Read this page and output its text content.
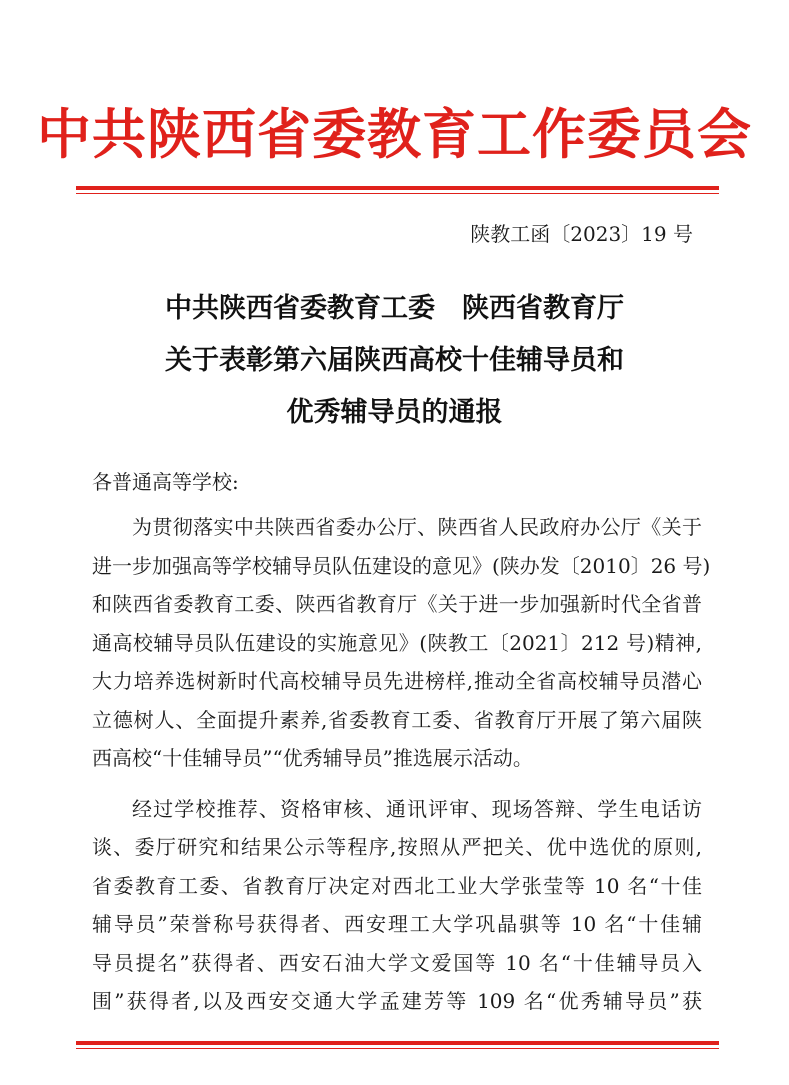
中共陕西省委教育工作委员会
陕教工函〔2023〕19 号
中共陕西省委教育工委　陕西省教育厅
关于表彰第六届陕西高校十佳辅导员和
优秀辅导员的通报
各普通高等学校:
为贯彻落实中共陕西省委办公厅、陕西省人民政府办公厅《关于
进一步加强高等学校辅导员队伍建设的意见》(陕办发〔2010〕26 号)
和陕西省委教育工委、陕西省教育厅《关于进一步加强新时代全省普
通高校辅导员队伍建设的实施意见》(陕教工〔2021〕212 号)精神,
大力培养选树新时代高校辅导员先进榜样,推动全省高校辅导员潜心
立德树人、全面提升素养,省委教育工委、省教育厅开展了第六届陕
西高校“十佳辅导员”“优秀辅导员”推选展示活动。
经过学校推荐、资格审核、通讯评审、现场答辩、学生电话访
谈、委厅研究和结果公示等程序,按照从严把关、优中选优的原则,
省委教育工委、省教育厅决定对西北工业大学张莹等 10 名“十佳
辅导员”荣誉称号获得者、西安理工大学巩晶骐等 10 名“十佳辅
导员提名”获得者、西安石油大学文爱国等 10 名“十佳辅导员入
围”获得者,以及西安交通大学孟建芳等 109 名“优秀辅导员”获
